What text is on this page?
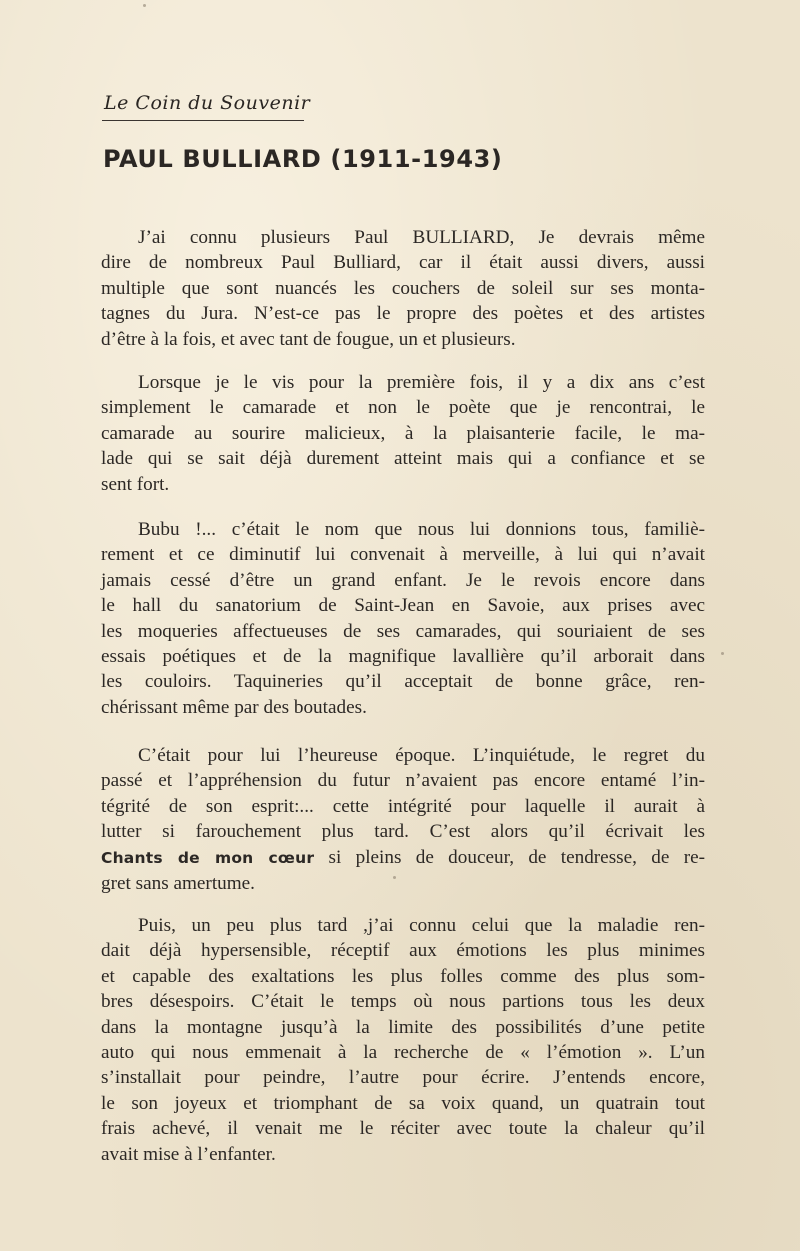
Le Coin du Souvenir
PAUL BULLIARD (1911-1943)

J’ai connu plusieurs Paul BULLIARD, Je devrais même
dire de nombreux Paul Bulliard, car il était aussi divers, aussi
multiple que sont nuancés les couchers de soleil sur ses monta-
tagnes du Jura. N’est-ce pas le propre des poètes et des artistes
d’être à la fois, et avec tant de fougue, un et plusieurs.

Lorsque je le vis pour la première fois, il y a dix ans c’est
simplement le camarade et non le poète que je rencontrai, le
camarade au sourire malicieux, à la plaisanterie facile, le ma-
lade qui se sait déjà durement atteint mais qui a confiance et se
sent fort.

Bubu !... c’était le nom que nous lui donnions tous, familiè-
rement et ce diminutif lui convenait à merveille, à lui qui n’avait
jamais cessé d’être un grand enfant. Je le revois encore dans
le hall du sanatorium de Saint-Jean en Savoie, aux prises avec
les moqueries affectueuses de ses camarades, qui souriaient de ses
essais poétiques et de la magnifique lavallière qu’il arborait dans
les couloirs. Taquineries qu’il acceptait de bonne grâce, ren-
chérissant même par des boutades.

C’était pour lui l’heureuse époque. L’inquiétude, le regret du
passé et l’appréhension du futur n’avaient pas encore entamé l’in-
tégrité de son esprit:... cette intégrité pour laquelle il aurait à
lutter si farouchement plus tard. C’est alors qu’il écrivait les
Chants de mon cœur si pleins de douceur, de tendresse, de re-
gret sans amertume.

Puis, un peu plus tard ,j’ai connu celui que la maladie ren-
dait déjà hypersensible, réceptif aux émotions les plus minimes
et capable des exaltations les plus folles comme des plus som-
bres désespoirs. C’était le temps où nous partions tous les deux
dans la montagne jusqu’à la limite des possibilités d’une petite
auto qui nous emmenait à la recherche de « l’émotion ». L’un
s’installait pour peindre, l’autre pour écrire. J’entends encore,
le son joyeux et triomphant de sa voix quand, un quatrain tout
frais achevé, il venait me le réciter avec toute la chaleur qu’il
avait mise à l’enfanter.
